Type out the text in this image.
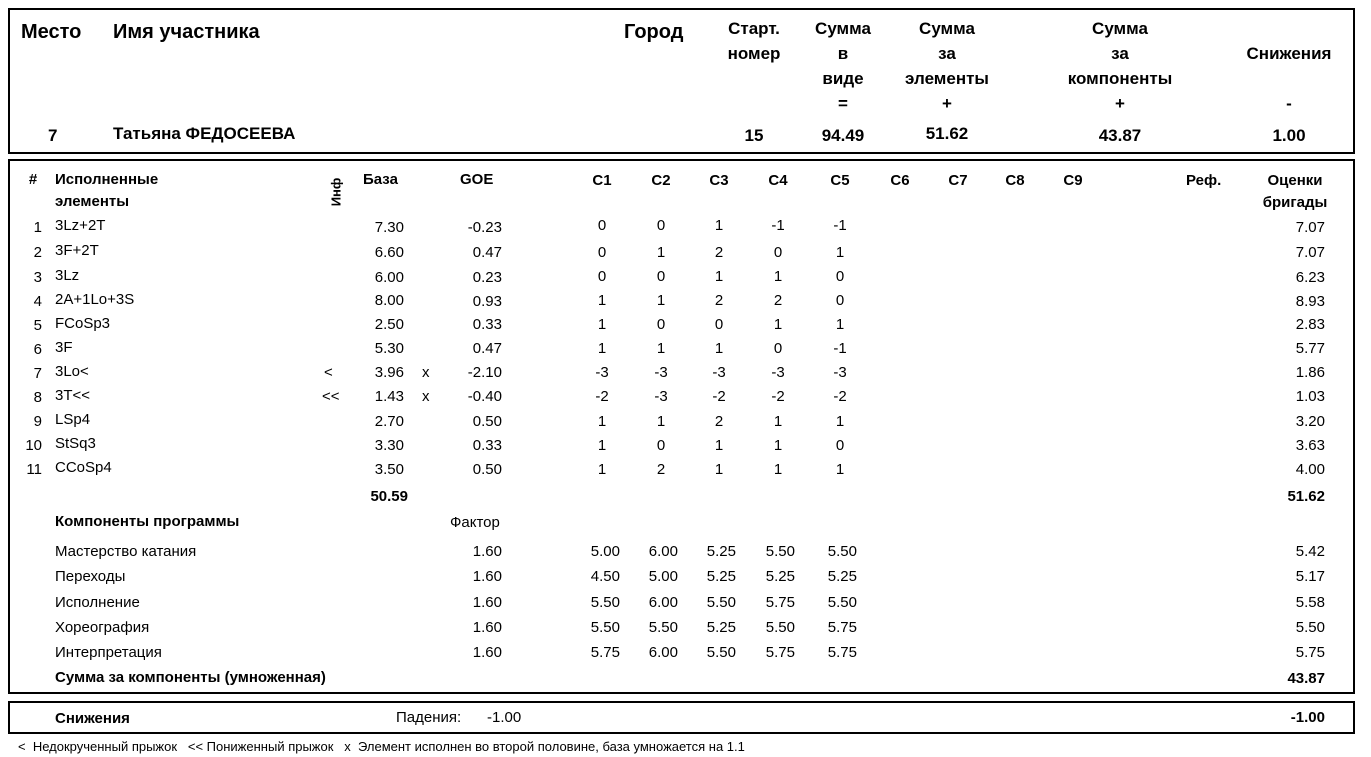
Место Имя участника	Город	Старт.
номер
Сумма
в
виде
=
Сумма
за
элементы
+
Сумма
за
компоненты
+
Снижения
-
7	Татьяна ФЕДОСЕЕВА	15	94.49	51.62	43.87	1.00
#	Исполненные
элементы	Инф База	GOE	C1	C2	C3	C4	C5	C6	C7	C8	C9	Реф.	Оценки
бригады
1 3Lz+2T	7.30	-0.23	0	0	1	-1	-1	7.07
2 3F+2T	6.60	0.47	0	1	2	0	1	7.07
3 3Lz	6.00	0.23	0	0	1	1	0	6.23
4 2A+1Lo+3S	8.00	0.93	1	1	2	2	0	8.93
5 FCoSp3	2.50	0.33	1	0	0	1	1	2.83
6 3F	5.30	0.47	1	1	1	0	-1	5.77
7 3Lo<	<	3.96 x	-2.10	-3	-3	-3	-3	-3	1.86
8 3T<<	<<	1.43 x	-0.40	-2	-3	-2	-2	-2	1.03
9 LSp4	2.70	0.50	1	1	2	1	1	3.20
10 StSq3	3.30	0.33	1	0	1	1	0	3.63
11 CCoSp4	3.50	0.50	1	2	1	1	1	4.00
50.59	51.62
Компоненты программы	Фактор
Мастерство катания	1.60	5.00	6.00	5.25	5.50	5.50	5.42
Переходы	1.60	4.50	5.00	5.25	5.25	5.25	5.17
Исполнение	1.60	5.50	6.00	5.50	5.75	5.50	5.58
Хореография	1.60	5.50	5.50	5.25	5.50	5.75	5.50
Интерпретация	1.60	5.75	6.00	5.50	5.75	5.75	5.75
Сумма за компоненты (умноженная)	43.87
Снижения	Падения: -1.00	-1.00
<  Недокрученный прыжок   << Пониженный прыжок   x  Элемент исполнен во второй половине, база умножается на 1.1
